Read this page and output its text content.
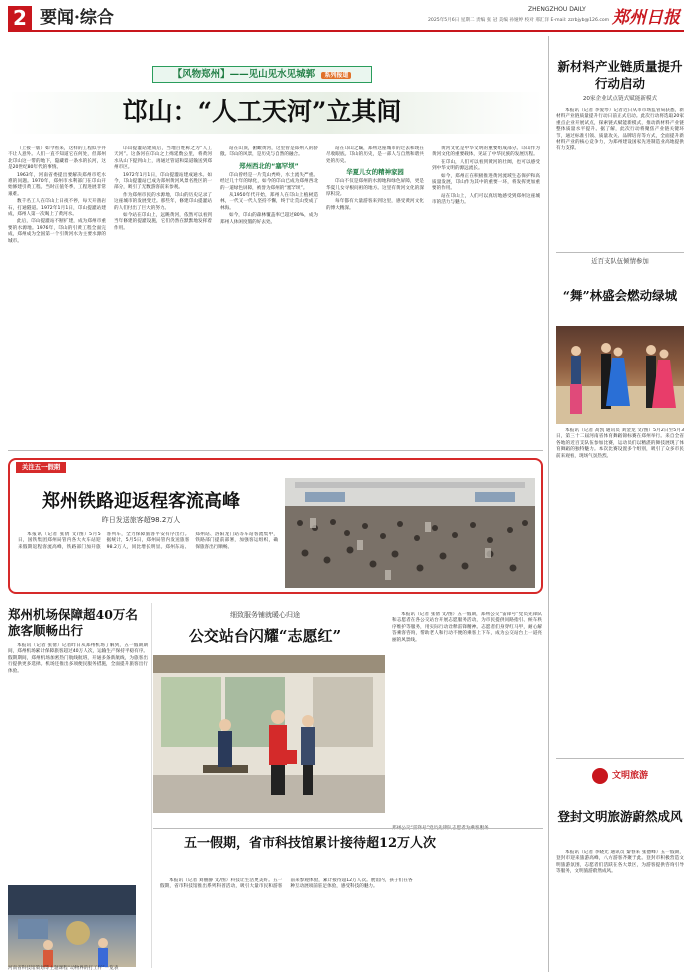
2 要闻·综合	ZHENGZHOU DAILY
2025年5月6日 星期二 责编 张 冠 美编 孙娅婷 校对 邢汇洋 E-mail: zzrbjyb@126.com 郑州日报
【风物郑州】——见山见水见城郭 系列报道
邙山：“人工天河”立其间

（上接一版）如今看来，这样的工程似乎并不让人意外。人们一直不知道它在何处，但郑州北邙山这一带的地下，隐藏着一条水的长河，这是20世纪80年代的事情。

1963年，河南省委提出要解决郑州市吃水难的问题。1970年，郑州市水利部门在邙山开始修建引黄工程。当时正值冬季，工程进展非常艰难。

数千名工人在邙山上日夜不停，每天开凿岩石，打通隧道。1972年1月1日，邙山提灌站建成，郑州人第一次喝上了黄河水。

此后，邙山提灌站不断扩建，成为郑州市重要的水源地。1976年，邙山的引黄工程全面完成，郑州成为全国第一个引黄河水为主要水源的城市。

邙山提灌站建成后，当地百姓称之为“人工天河”。这条河在邙山之上绵延数公里，将黄河水从山下提到山上，再通过管道和渠道输送到郑州市区。

1972年1月1日，邙山提灌站建成通水。如今，邙山提灌站已成为郑州黄河风景名胜区的一部分，吸引了无数游客前来参观。

作为郑州市民的水源地，邙山的历史记录了这座城市的发展变迁。那些年，修建邙山提灌站的人们付出了巨大的努力。

如今站在邙山上，远眺黄河，依然可以看到当年修建的提灌设施，它们仍然在默默地发挥着作用。

站在山顶，俯瞰黄河，这里曾是郑州人的骄傲。邙山的风景，是历史与自然的融合。

郑州西北的“塞罕坝”

邙山曾经是一片荒山秃岭，水土流失严重。经过几十年的绿化，如今的邙山已成为郑州西北的一道绿色屏障，被誉为郑州的“塞罕坝”。

从1950年代开始，郑州人在邙山上植树造林，一代又一代人坚持不懈，终于让荒山变成了林海。

如今，邙山的森林覆盖率已超过80%，成为郑州人休闲度假的好去处。

站在邙山之巅，郑州这座城市的过去和现在尽收眼底。邙山的历史，是一部人与自然和谐共处的历史。

华夏儿女的精神家园

邙山不仅是郑州的水源地和绿色屏障，更是华夏儿女寻根问祖的地方。这里有黄河文化的深厚积淀。

每年都有大量游客来到这里，感受黄河文化的博大精深。

黄河文化是中华文明的重要组成部分。邙山作为黄河文化的重要载体，见证了中华民族的发展历程。

在邙山，人们可以看到黄河的壮阔，也可以感受到中华文明的源远流长。

如今，郑州正在积极推进黄河流域生态保护和高质量发展，邙山作为其中的重要一环，将发挥更加重要的作用。

站在邙山上，人们可以真切地感受到郑州这座城市的活力与魅力。

新材料产业链质量提升行动启动
20家企业试点链式赋能新模式

本报讯（记者 李爱琴）记者近日从市市场监管局获悉，新材料产业链质量提升行动日前正式启动。此次行动将选取20家重点企业开展试点，探索链式赋能新模式，推动新材料产业链整体质量水平提升。据了解，此次行动将聚焦产业链关键环节，通过标准引领、质量攻关、品牌培育等方式，全面提升新材料产业的核心竞争力，为郑州建设国家先进制造业高地提供有力支撑。

近百支队伍倾情参加
“舞”林盛会燃动绿城

本报讯（记者 高凯 通讯员 刘金龙 文/图）5月2日至5月3日，第三十二届河南省体育舞蹈锦标赛在郑州举行。来自全省各地的近百支队伍参加比赛，运动员们以精湛的舞技展现了体育舞蹈的独特魅力。本次比赛设置多个组别，吸引了众多市民前来观看，现场气氛热烈。

文明旅游
登封文明旅游蔚然成风

本报讯（记者 李晓光 通讯员 秦春来 张德峰）五一假期，登封市迎来旅游高峰，八方游客齐聚于此。登封市积极营造文明旅游氛围，志愿者们活跃在各大景区，为游客提供咨询引导等服务，文明旅游蔚然成风。

关注五一假期
郑州铁路迎返程客流高峰
昨日发送旅客超98.2万人

本报讯（记者 张倩 文/图）5月5日，国铁集团郑州局管内各大火车站迎来假期返程客流高峰，铁路部门加开旅客列车，全力保障旅客平安有序出行。据统计，5月5日，郑州局管内发送旅客98.2万人，同比增长明显。郑州东站、郑州站、洛阳龙门站等车站客流集中，铁路部门提前部署，加强客运组织，确保旅客出行顺畅。

郑州机场保障超40万名旅客顺畅出行

本报讯（记者 张倩）记者昨日从郑州机场了解到，五一假期期间，郑州机场累计保障旅客超过40万人次，运输生产保持平稳有序。假期期间，郑州机场加密热门航线航班，开通多条新航线，为旅客出行提供更多选择。机场还推出多项便民服务措施，全面提升旅客出行体验。

细致服务铺就暖心归途
公交站台闪耀“志愿红”

本报讯（记者 张倩 文/图）五一假期，郑州公交“雷锋号”党员先锋队和志愿者在各公交站台开展志愿服务活动，为市民提供问路指引、候车秩序维护等服务，用实际行动诠释雷锋精神。志愿者们身穿红马甲，耐心解答乘客咨询，帮助老人和行动不便的乘客上下车，成为公交站台上一道亮丽的风景线。

五一假期，省市科技馆累计接待超12万人次

本报讯（记者 刘丽静 文/图）科技让生活更美好。五一假期，省市科技馆推出系列科普活动，吸引大量市民和游客前来参观体验，累计接待超12万人次。展馆内，孩子们在各种互动展项前驻足体验，感受科技的魅力。

河南省科技馆策划等主题课程“动物界的打工仔”一览表
